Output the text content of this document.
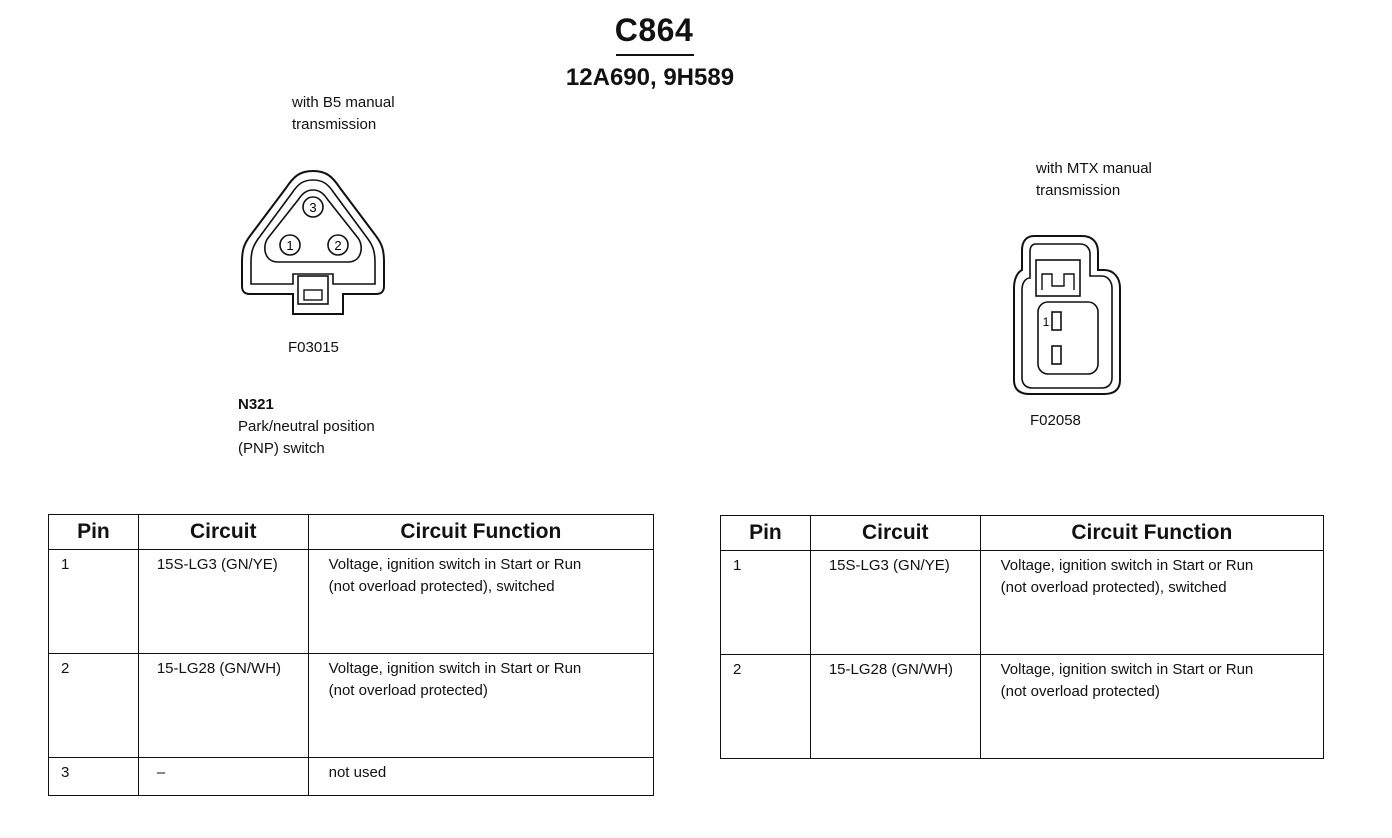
C864
12A690, 9H589
with B5 manual
transmission
3
1	2
F03015
N321
Park/neutral position
(PNP) switch
with MTX manual
transmission
1
F02058
Pin	Circuit	Circuit Function

1	15S-LG3 (GN/YE)	Voltage, ignition switch in Start or Run
(not overload protected), switched

2	15-LG28 (GN/WH)	Voltage, ignition switch in Start or Run
(not overload protected)

3	–	not used
Pin	Circuit	Circuit Function

1	15S-LG3 (GN/YE)	Voltage, ignition switch in Start or Run
(not overload protected), switched

2	15-LG28 (GN/WH)	Voltage, ignition switch in Start or Run
(not overload protected)
